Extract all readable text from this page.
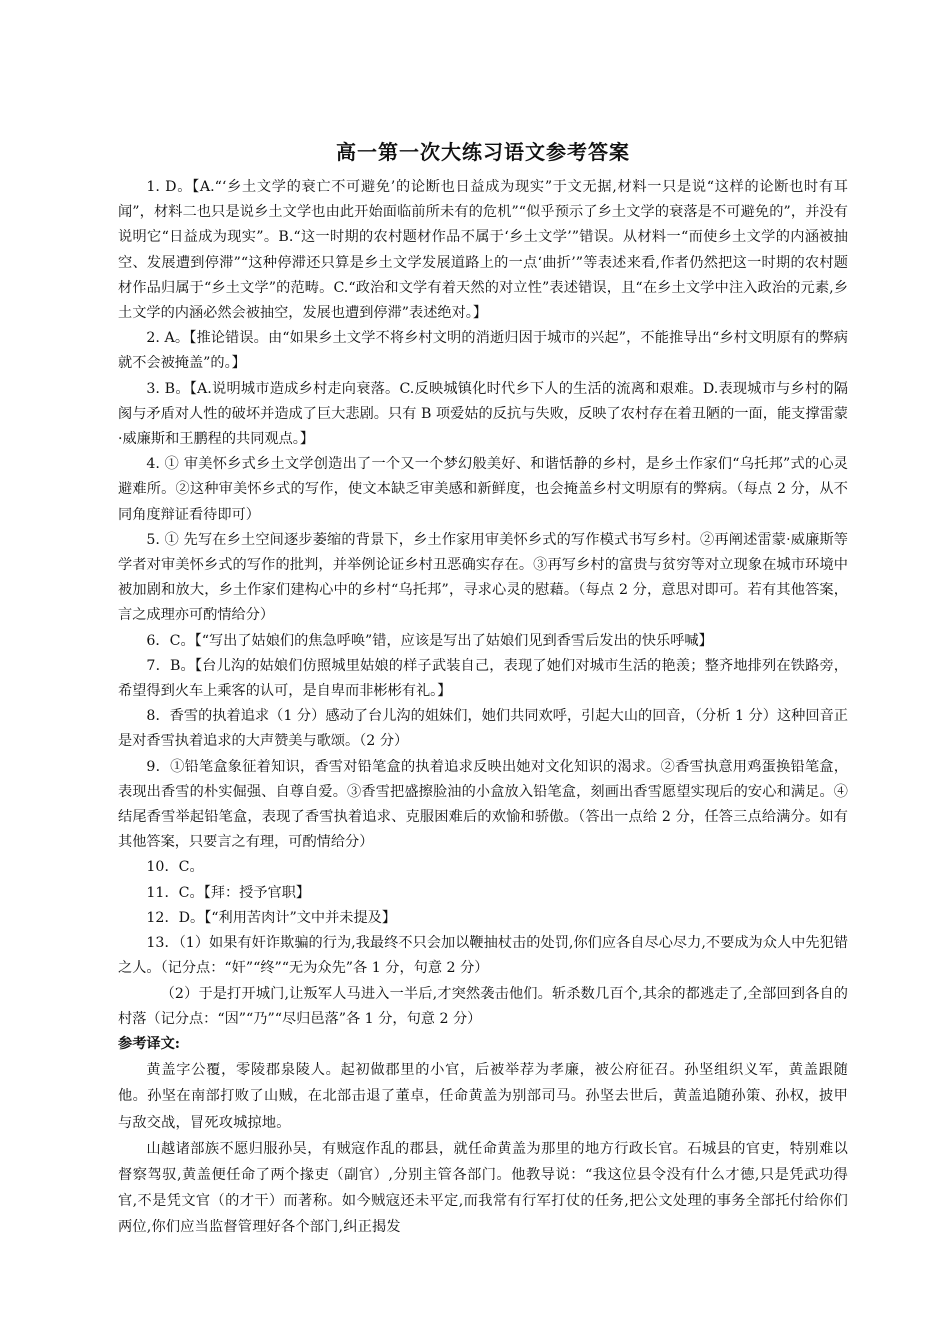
高一第一次大练习语文参考答案

1. D。【A.“‘乡土文学的衰亡不可避免’的论断也日益成为现实”于文无据,材料一只是说“这样的论断也时有耳闻”，材料二也只是说乡土文学也由此开始面临前所未有的危机”“似乎预示了乡土文学的衰落是不可避免的”，并没有说明它“日益成为现实”。B.“这一时期的农村题材作品不属于‘乡土文学’”错误。从材料一“而使乡土文学的内涵被抽空、发展遭到停滞”“这种停滞还只算是乡土文学发展道路上的一点‘曲折’”等表述来看,作者仍然把这一时期的农村题材作品归属于“乡土文学”的范畴。C.“政治和文学有着天然的对立性”表述错误，且“在乡土文学中注入政治的元素,乡土文学的内涵必然会被抽空，发展也遭到停滞”表述绝对。】

2. A。【推论错误。由“如果乡土文学不将乡村文明的消逝归因于城市的兴起”，不能推导出“乡村文明原有的弊病就不会被掩盖”的。】

3. B。【A.说明城市造成乡村走向衰落。C.反映城镇化时代乡下人的生活的流离和艰难。D.表现城市与乡村的隔阂与矛盾对人性的破坏并造成了巨大悲剧。只有 B 项爱姑的反抗与失败，反映了农村存在着丑陋的一面，能支撑雷蒙·威廉斯和王鹏程的共同观点。】

4. ① 审美怀乡式乡土文学创造出了一个又一个梦幻般美好、和谐恬静的乡村，是乡土作家们“乌托邦”式的心灵避难所。②这种审美怀乡式的写作，使文本缺乏审美感和新鲜度，也会掩盖乡村文明原有的弊病。（每点 2 分，从不同角度辩证看待即可）

5. ① 先写在乡土空间逐步萎缩的背景下，乡土作家用审美怀乡式的写作模式书写乡村。②再阐述雷蒙·威廉斯等学者对审美怀乡式的写作的批判，并举例论证乡村丑恶确实存在。③再写乡村的富贵与贫穷等对立现象在城市环境中被加剧和放大，乡土作家们建构心中的乡村“乌托邦”，寻求心灵的慰藉。（每点 2 分，意思对即可。若有其他答案，言之成理亦可酌情给分）

6．C。【“写出了姑娘们的焦急呼唤”错，应该是写出了姑娘们见到香雪后发出的快乐呼喊】

7．B。【台儿沟的姑娘们仿照城里姑娘的样子武装自己，表现了她们对城市生活的艳羡；整齐地排列在铁路旁，希望得到火车上乘客的认可，是自卑而非彬彬有礼。】

8．香雪的执着追求（1 分）感动了台儿沟的姐妹们，她们共同欢呼，引起大山的回音，（分析 1 分）这种回音正是对香雪执着追求的大声赞美与歌颂。（2 分）

9．①铅笔盒象征着知识，香雪对铅笔盒的执着追求反映出她对文化知识的渴求。②香雪执意用鸡蛋换铅笔盒，表现出香雪的朴实倔强、自尊自爱。③香雪把盛擦脸油的小盒放入铅笔盒，刻画出香雪愿望实现后的安心和满足。④结尾香雪举起铅笔盒，表现了香雪执着追求、克服困难后的欢愉和骄傲。（答出一点给 2 分，任答三点给满分。如有其他答案，只要言之有理，可酌情给分）

10．C。

11．C。【拜：授予官职】

12．D。【“利用苦肉计”文中并未提及】

13．（1）如果有奸诈欺骗的行为,我最终不只会加以鞭抽杖击的处罚,你们应各自尽心尽力,不要成为众人中先犯错之人。（记分点：“奸”“终”“无为众先”各 1 分，句意 2 分）

（2）于是打开城门,让叛军人马进入一半后,才突然袭击他们。斩杀数几百个,其余的都逃走了,全部回到各自的村落（记分点：“因”“乃”“尽归邑落”各 1 分，句意 2 分）

参考译文:

黄盖字公覆，零陵郡泉陵人。起初做郡里的小官，后被举荐为孝廉，被公府征召。孙坚组织义军，黄盖跟随他。孙坚在南部打败了山贼，在北部击退了董卓，任命黄盖为别部司马。孙坚去世后，黄盖追随孙策、孙权，披甲与敌交战，冒死攻城掠地。

山越诸部族不愿归服孙吴，有贼寇作乱的郡县，就任命黄盖为那里的地方行政长官。石城县的官吏，特别难以督察驾驭,黄盖便任命了两个掾吏（副官）,分别主管各部门。他教导说：“我这位县令没有什么才德,只是凭武功得官,不是凭文官（的才干）而著称。如今贼寇还未平定,而我常有行军打仗的任务,把公文处理的事务全部托付给你们两位,你们应当监督管理好各个部门,纠正揭发
